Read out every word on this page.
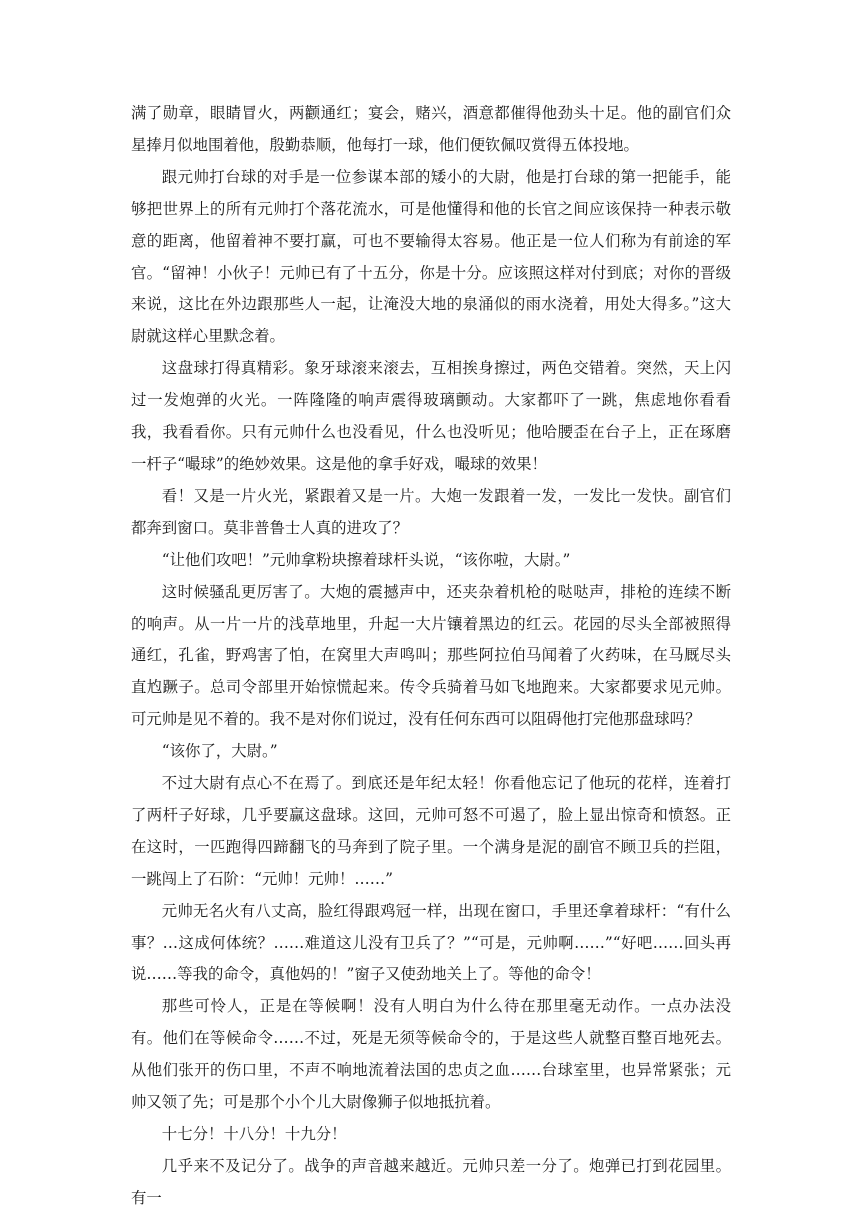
满了勋章，眼睛冒火，两颧通红；宴会，赌兴，酒意都催得他劲头十足。他的副官们众星捧月似地围着他，殷勤恭顺，他每打一球，他们便钦佩叹赏得五体投地。

跟元帅打台球的对手是一位参谋本部的矮小的大尉，他是打台球的第一把能手，能够把世界上的所有元帅打个落花流水，可是他懂得和他的长官之间应该保持一种表示敬意的距离，他留着神不要打赢，可也不要输得太容易。他正是一位人们称为有前途的军官。“留神！小伙子！元帅已有了十五分，你是十分。应该照这样对付到底；对你的晋级来说，这比在外边跟那些人一起，让淹没大地的泉涌似的雨水浇着，用处大得多。”这大尉就这样心里默念着。

这盘球打得真精彩。象牙球滚来滚去，互相挨身擦过，两色交错着。突然，天上闪过一发炮弹的火光。一阵隆隆的响声震得玻璃颤动。大家都吓了一跳，焦虑地你看看我，我看看你。只有元帅什么也没看见，什么也没听见；他哈腰歪在台子上，正在琢磨一杆子“嘬球”的绝妙效果。这是他的拿手好戏，嘬球的效果！

看！又是一片火光，紧跟着又是一片。大炮一发跟着一发，一发比一发快。副官们都奔到窗口。莫非普鲁士人真的进攻了？

“让他们攻吧！”元帅拿粉块擦着球杆头说，“该你啦，大尉。”

这时候骚乱更厉害了。大炮的震撼声中，还夹杂着机枪的哒哒声，排枪的连续不断的响声。从一片一片的浅草地里，升起一大片镶着黑边的红云。花园的尽头全部被照得通红，孔雀，野鸡害了怕，在窝里大声鸣叫；那些阿拉伯马闻着了火药味，在马厩尽头直尥蹶子。总司令部里开始惊慌起来。传令兵骑着马如飞地跑来。大家都要求见元帅。可元帅是见不着的。我不是对你们说过，没有任何东西可以阻碍他打完他那盘球吗？

“该你了，大尉。”

不过大尉有点心不在焉了。到底还是年纪太轻！你看他忘记了他玩的花样，连着打了两杆子好球，几乎要赢这盘球。这回，元帅可怒不可遏了，脸上显出惊奇和愤怒。正在这时，一匹跑得四蹄翻飞的马奔到了院子里。一个满身是泥的副官不顾卫兵的拦阻，一跳闯上了石阶：“元帅！元帅！……”

元帅无名火有八丈高，脸红得跟鸡冠一样，出现在窗口，手里还拿着球杆：“有什么事？…这成何体统？……难道这儿没有卫兵了？”“可是，元帅啊……”“好吧……回头再说……等我的命令，真他妈的！”窗子又使劲地关上了。等他的命令！

那些可怜人，正是在等候啊！没有人明白为什么待在那里毫无动作。一点办法没有。他们在等候命令……不过，死是无须等候命令的，于是这些人就整百整百地死去。从他们张开的伤口里，不声不响地流着法国的忠贞之血……台球室里，也异常紧张；元帅又领了先；可是那个小个儿大尉像狮子似地抵抗着。

十七分！十八分！十九分！

几乎来不及记分了。战争的声音越来越近。元帅只差一分了。炮弹已打到花园里。有一
